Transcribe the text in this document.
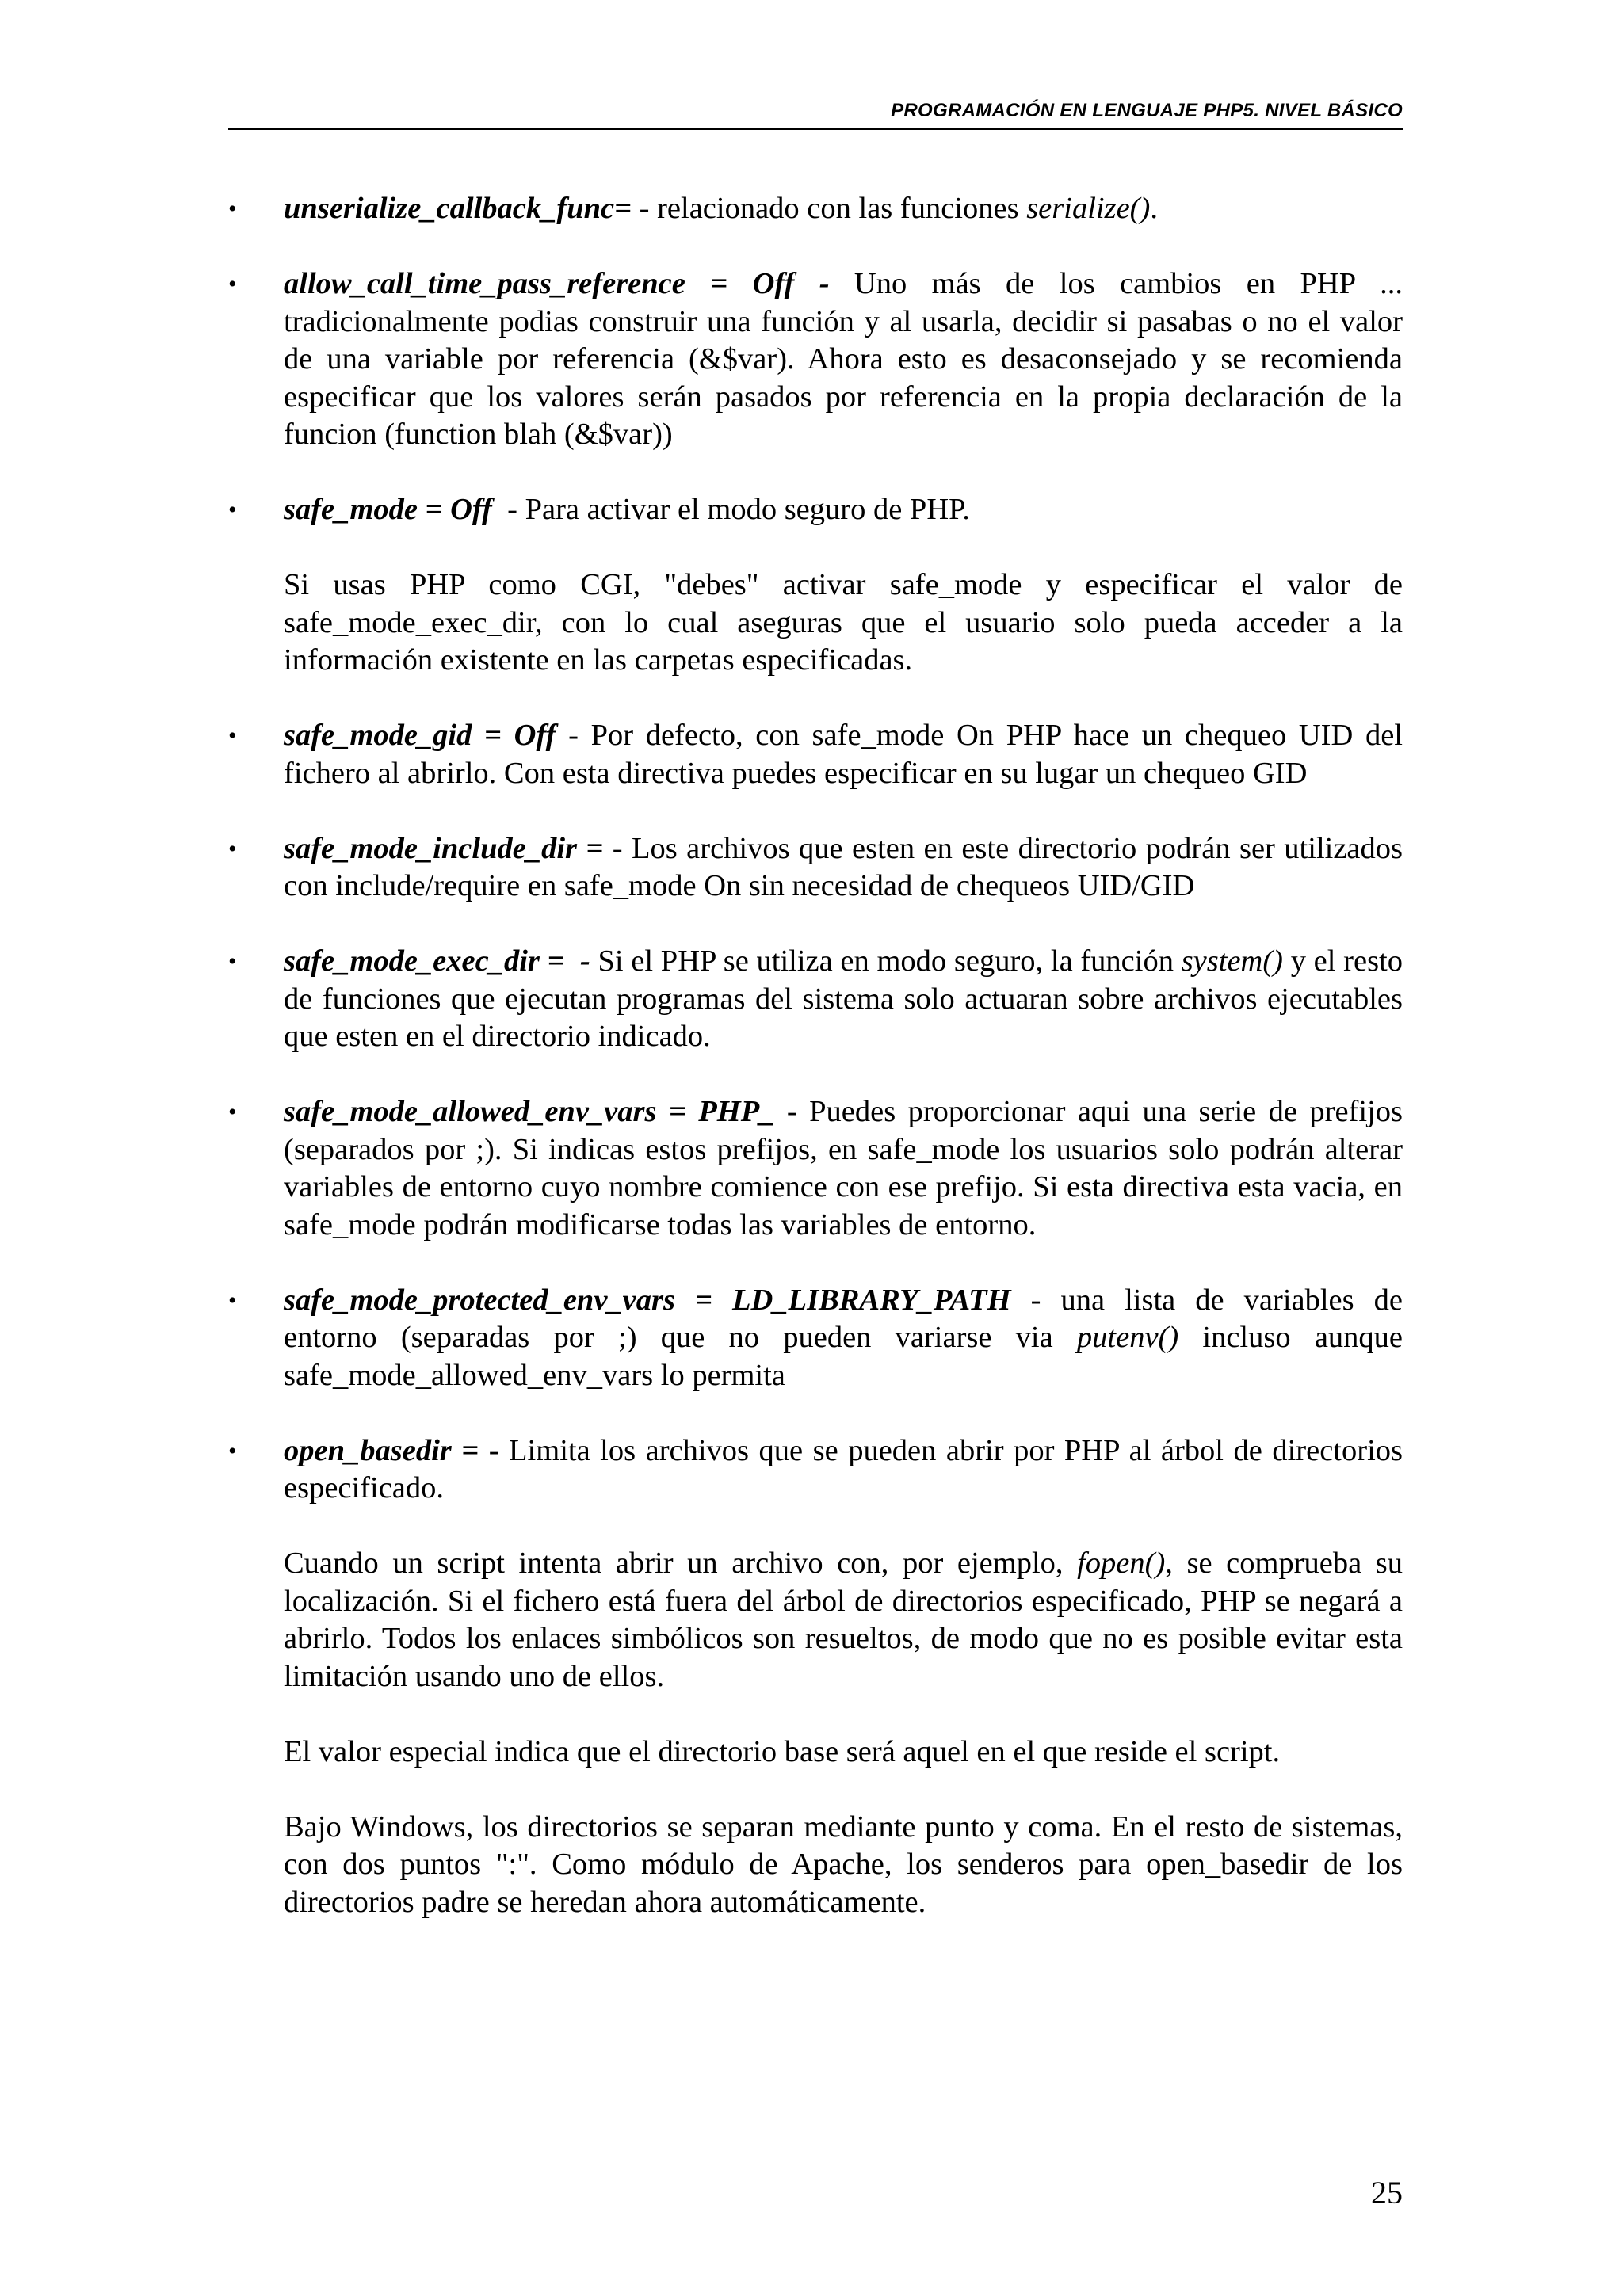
PROGRAMACIÓN EN LENGUAJE PHP5. NIVEL BÁSICO
• unserialize_callback_func= - relacionado con las funciones serialize().

• allow_call_time_pass_reference = Off - Uno más de los cambios en PHP ... tradicionalmente podias construir una función y al usarla, decidir si pasabas o no el valor de una variable por referencia (&$var). Ahora esto es desaconsejado y se recomienda especificar que los valores serán pasados por referencia en la propia declaración de la funcion (function blah (&$var))

• safe_mode = Off  - Para activar el modo seguro de PHP.

Si usas PHP como CGI, "debes" activar safe_mode y especificar el valor de safe_mode_exec_dir, con lo cual aseguras que el usuario solo pueda acceder a la información existente en las carpetas especificadas.

• safe_mode_gid = Off - Por defecto, con safe_mode On PHP hace un chequeo UID del fichero al abrirlo. Con esta directiva puedes especificar en su lugar un chequeo GID

• safe_mode_include_dir = - Los archivos que esten en este directorio podrán ser utilizados con include/require en safe_mode On sin necesidad de chequeos UID/GID

• safe_mode_exec_dir =  - Si el PHP se utiliza en modo seguro, la función system() y el resto de funciones que ejecutan programas del sistema solo actuaran sobre archivos ejecutables que esten en el directorio indicado.

• safe_mode_allowed_env_vars = PHP_ - Puedes proporcionar aqui una serie de prefijos (separados por ;). Si indicas estos prefijos, en safe_mode los usuarios solo podrán alterar variables de entorno cuyo nombre comience con ese prefijo. Si esta directiva esta vacia, en safe_mode podrán modificarse todas las variables de entorno.

• safe_mode_protected_env_vars = LD_LIBRARY_PATH - una lista de variables de entorno (separadas por ;) que no pueden variarse via putenv() incluso aunque safe_mode_allowed_env_vars lo permita

• open_basedir = - Limita los archivos que se pueden abrir por PHP al árbol de directorios especificado.

Cuando un script intenta abrir un archivo con, por ejemplo, fopen(), se comprueba su localización. Si el fichero está fuera del árbol de directorios especificado, PHP se negará a abrirlo. Todos los enlaces simbólicos son resueltos, de modo que no es posible evitar esta limitación usando uno de ellos.

El valor especial indica que el directorio base será aquel en el que reside el script.

Bajo Windows, los directorios se separan mediante punto y coma. En el resto de sistemas, con dos puntos ":". Como módulo de Apache, los senderos para open_basedir de los directorios padre se heredan ahora automáticamente.

25
